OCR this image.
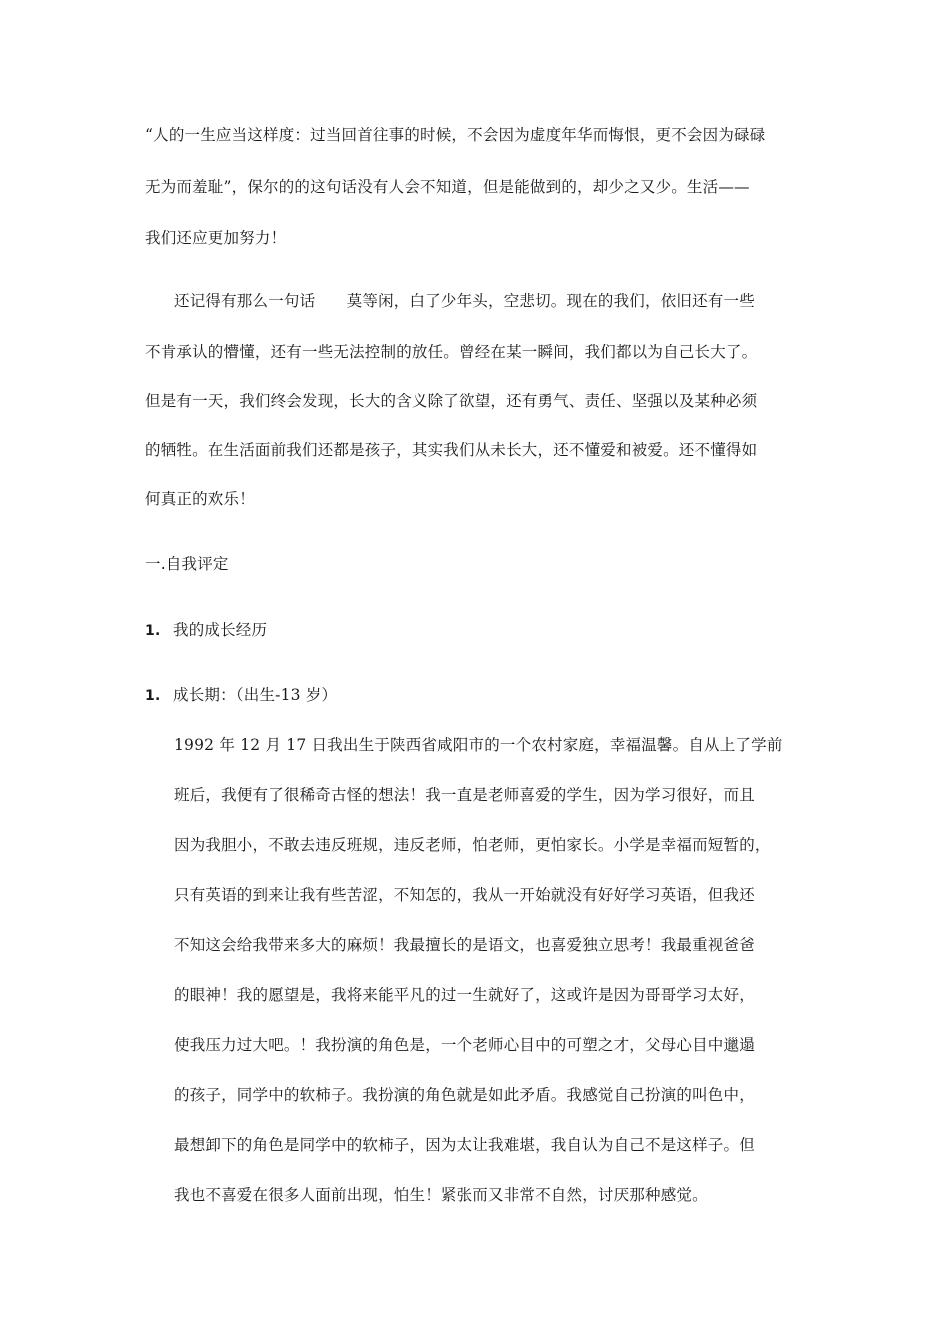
“人的一生应当这样度：过当回首往事的时候，不会因为虚度年华而悔恨，更不会因为碌碌
无为而羞耻”，保尔的的这句话没有人会不知道，但是能做到的，却少之又少。生活——
我们还应更加努力！
还记得有那么一句话　　莫等闲，白了少年头，空悲切。现在的我们，依旧还有一些
不肯承认的懵懂，还有一些无法控制的放任。曾经在某一瞬间，我们都以为自己长大了。
但是有一天，我们终会发现，长大的含义除了欲望，还有勇气、责任、坚强以及某种必须
的牺牲。在生活面前我们还都是孩子，其实我们从未长大，还不懂爱和被爱。还不懂得如
何真正的欢乐！
一.自我评定
1. 我的成长经历
1. 成长期：（出生-13 岁）
1992 年 12 月 17 日我出生于陕西省咸阳市的一个农村家庭，幸福温馨。自从上了学前
班后，我便有了很稀奇古怪的想法！我一直是老师喜爱的学生，因为学习很好，而且
因为我胆小，不敢去违反班规，违反老师，怕老师，更怕家长。小学是幸福而短暂的，
只有英语的到来让我有些苦涩，不知怎的，我从一开始就没有好好学习英语，但我还
不知这会给我带来多大的麻烦！我最擅长的是语文，也喜爱独立思考！我最重视爸爸
的眼神！我的愿望是，我将来能平凡的过一生就好了，这或许是因为哥哥学习太好，
使我压力过大吧。！我扮演的角色是，一个老师心目中的可塑之才，父母心目中邋遢
的孩子，同学中的软柿子。我扮演的角色就是如此矛盾。我感觉自己扮演的叫色中，
最想卸下的角色是同学中的软柿子，因为太让我难堪，我自认为自己不是这样子。但
我也不喜爱在很多人面前出现，怕生！紧张而又非常不自然，讨厌那种感觉。
